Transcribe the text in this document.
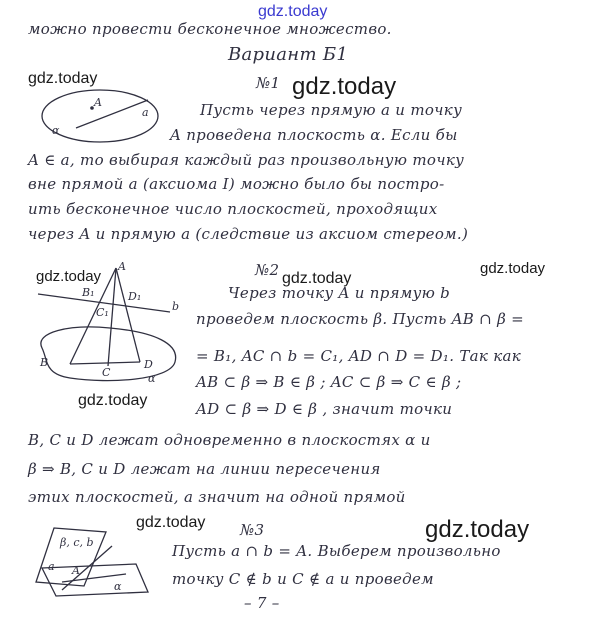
gdz.today
можно провести бесконечное множество.
Вариант Б1
gdz.today	№1 gdz.today
A
a
α
Пусть через прямую a и точку
A проведена плоскость α. Если бы
A ∈ a, то выбирая каждый раз произвольную точку
вне прямой a (аксиома I) можно было бы постро-
ить бесконечное число плоскостей, проходящих
через A и прямую a (следствие из аксиом стереом.)
gdz.today	№2 gdz.today
gdz.today
A
B₁	D₁
C₁	b
B
C
D
α
Через точку A и прямую b
проведем плоскость β. Пусть AB ∩ β =
= B₁, AC ∩ b = C₁, AD ∩ D = D₁. Так как
AB ⊂ β ⇒ B ∈ β ; AC ⊂ β ⇒ C ∈ β ;
gdz.today	AD ⊂ β ⇒ D ∈ β , значит точки
B, C и D лежат одновременно в плоскостях α и
β ⇒ B, C и D лежат на линии пересечения
этих плоскостей, а значит на одной прямой
gdz.today	gdz.today
№3
β, c, b
a A
α
Пусть a ∩ b = A. Выберем произвольно
точку C ∉ b и C ∉ a и проведем
– 7 –
